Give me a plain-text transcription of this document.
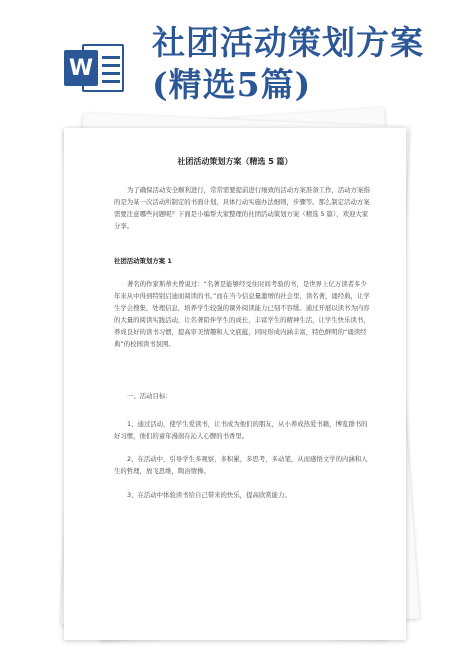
W
社团活动策划方案
(精选5篇)
社团活动策划方案（精选 5 篇）

为了确保活动安全顺利进行，常常需要提前进行细致的活动方案准备工作，活动方案指的是为某一次活动所制定的书面计划，具体行动实施办法细则，步骤等。那么制定活动方案需要注意哪些问题呢？下面是小编帮大家整理的社团活动策划方案（精选 5 篇），欢迎大家分享。

社团活动策划方案 1

著名的作家斯蒂夫曾说过：“名著是能够经受住时间考验的书，是世界上亿万读者多少年来从中得到特别启迪而阅读的书。”而在当今信息量激增的社会里，读名著，诵经典，让学生学会搜集，处理信息，培养学生较强的课外阅读能力已刻不容缓。通过开展以读书为内容的大量的阅读实践活动，让名著陪伴学生的成长，丰富学生的精神生活，让学生快乐读书，养成良好的读书习惯，提高审美情趣和人文底蕴，同时形成内涵丰富，特色鲜明的“诵读经典”的校园读书氛围。

一、活动目标：

1、通过活动，使学生爱读书，让书成为他们的朋友，从小养成热爱书籍，博览群书的好习惯，他们的童年漫润在沁人心脾的书香里。

2、在活动中，引导学生多观察，多积累，多思考，多动笔，从而感悟文学的内涵和人生的哲理，放飞思维，陶冶情操。

3、在活动中体验读书给自己带来的快乐，提高欣赏能力。
